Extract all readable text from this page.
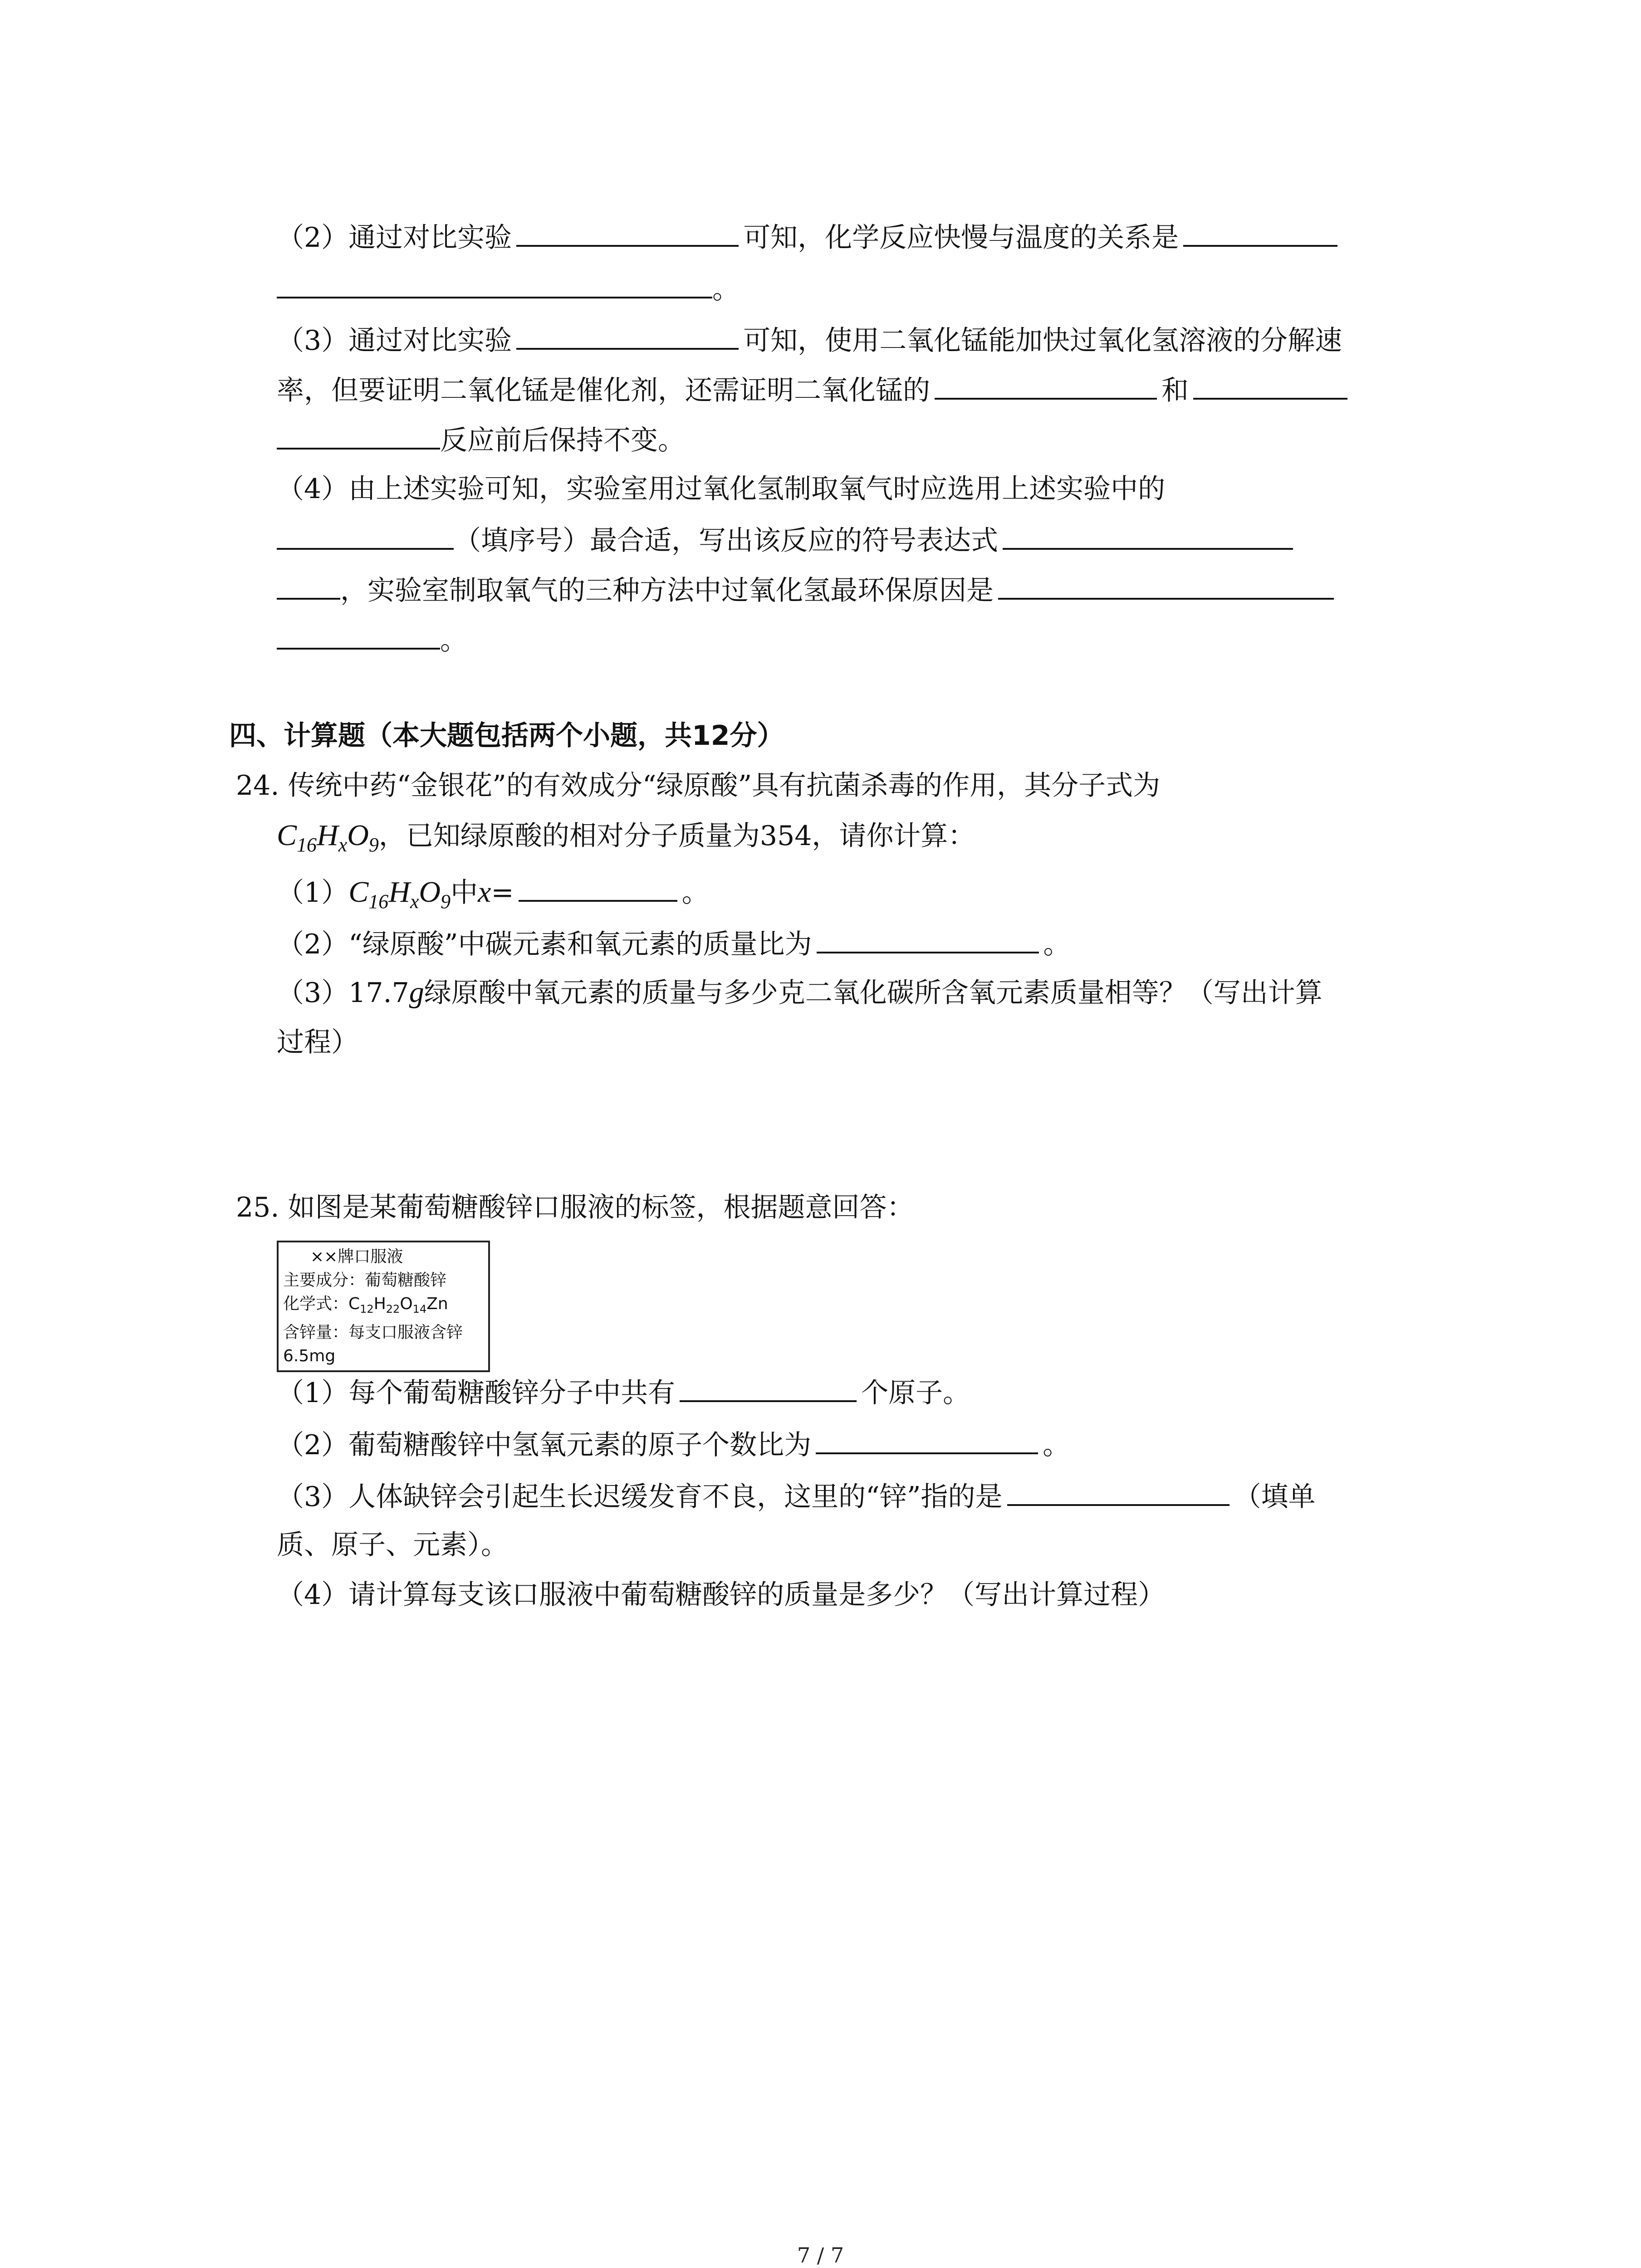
（2）通过对比实验	可知，化学反应快慢与温度的关系是
。
（3）通过对比实验	可知，使用二氧化锰能加快过氧化氢溶液的分解速
率，但要证明二氧化锰是催化剂，还需证明二氧化锰的	和
反应前后保持不变。
（4）由上述实验可知，实验室用过氧化氢制取氧气时应选用上述实验中的
（填序号）最合适，写出该反应的符号表达式
，实验室制取氧气的三种方法中过氧化氢最环保原因是
。
四、计算题（本大题包括两个小题，共12分）
24. 传统中药“金银花”的有效成分“绿原酸”具有抗菌杀毒的作用，其分子式为
$C_{16}H_xO_9$，已知绿原酸的相对分子质量为354，请你计算：
$(1)C_{16}H_xO_9$中x=	。
（2）“绿原酸”中碳元素和氧元素的质量比为	。
（3）17.7g绿原酸中氧元素的质量与多少克二氧化碳所含氧元素质量相等？（写出计算
过程）
25. 如图是某葡萄糖酸锌口服液的标签，根据题意回答：
××牌口服液
主要成分：葡萄糖酸锌
化学式：$C_{12}H_{22}O_{14}Zn$
含锌量：每支口服液含锌
6.5mg
（1）每个葡萄糖酸锌分子中共有	个原子。
（2）葡萄糖酸锌中氢氧元素的原子个数比为	。
（3）人体缺锌会引起生长迟缓发育不良，这里的“锌”指的是	（填单
质、原子、元素）。
（4）请计算每支该口服液中葡萄糖酸锌的质量是多少？（写出计算过程）
7 / 7
